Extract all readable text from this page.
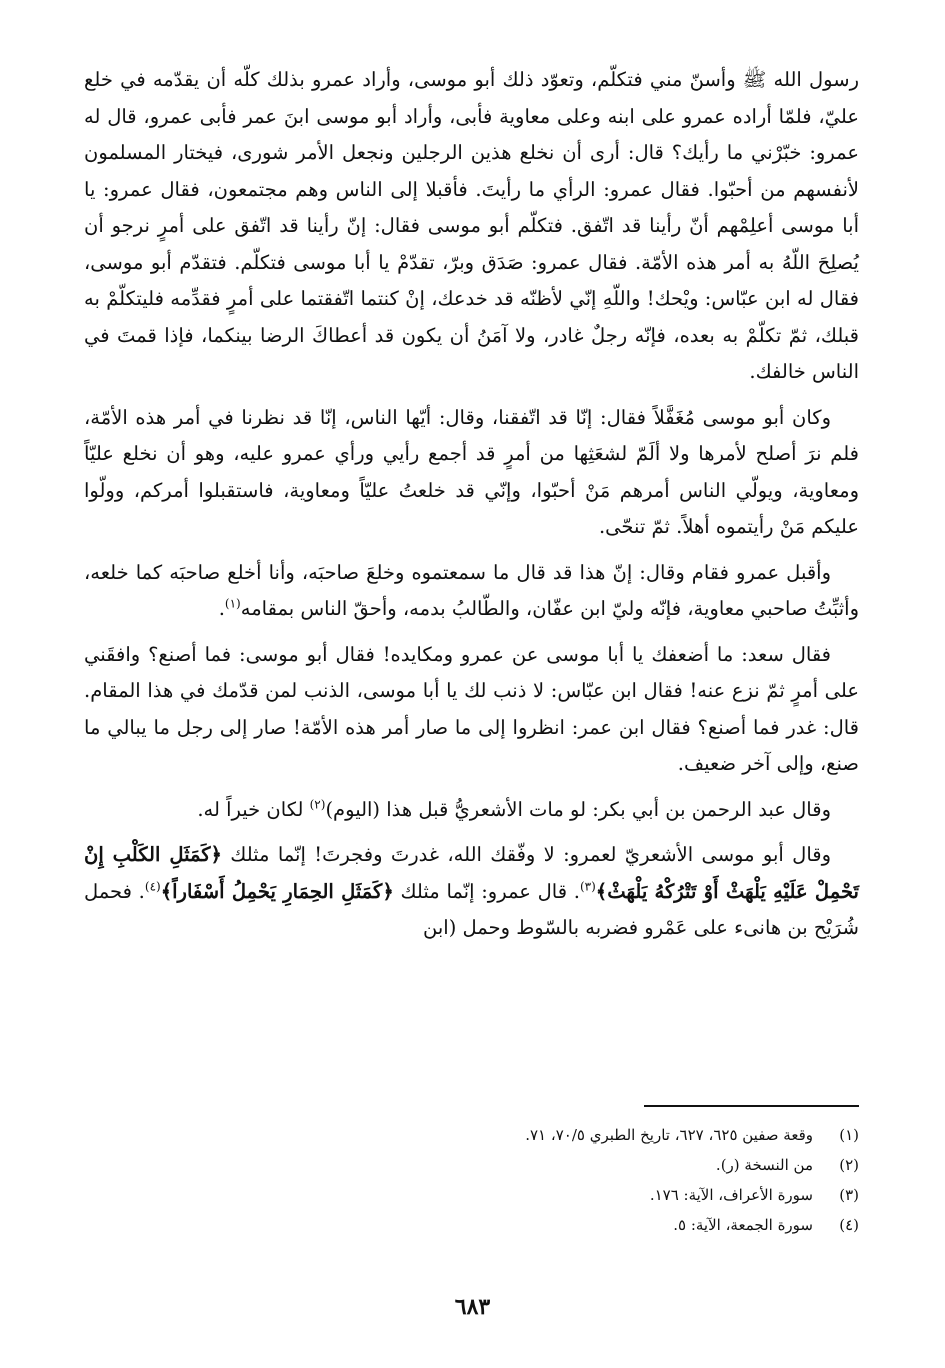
رسول الله ﷺ وأسنّ مني فتكلّم، وتعوّد ذلك أبو موسى، وأراد عمرو بذلك كلّه أن يقدّمه في خلع عليّ، فلمّا أراده عمرو على ابنه وعلى معاوية فأبى، وأراد أبو موسى ابنَ عمر فأبى عمرو، قال له عمرو: خبّرْني ما رأيك؟ قال: أرى أن نخلع هذين الرجلين ونجعل الأمر شورى، فيختار المسلمون لأنفسهم من أحبّوا. فقال عمرو: الرأي ما رأيتَ. فأقبلا إلى الناس وهم مجتمعون، فقال عمرو: يا أبا موسى أعلِمْهم أنّ رأينا قد اتّفق. فتكلّم أبو موسى فقال: إنّ رأينا قد اتّفق على أمرٍ نرجو أن يُصلِحَ اللّهُ به أمر هذه الأمّة. فقال عمرو: صَدَق وبرّ، تقدّمْ يا أبا موسى فتكلّم. فتقدّم أبو موسى، فقال له ابن عبّاس: ويْحك! واللّهِ إنّي لأظنّه قد خدعك، إنْ كنتما اتّفقتما على أمرٍ فقدِّمه فليتكلّمْ به قبلك، ثمّ تكلّمْ به بعده، فإنّه رجلٌ غادر، ولا آمَنُ أن يكون قد أعطاكَ الرضا بينكما، فإذا قمتَ في الناس خالفك.

وكان أبو موسى مُغَفَّلاً فقال: إنّا قد اتّفقنا، وقال: أيّها الناس، إنّا قد نظرنا في أمر هذه الأمّة، فلم نرَ أصلح لأمرها ولا ألَمّ لشعَثِها من أمرٍ قد أجمع رأيي ورأي عمرو عليه، وهو أن نخلع عليّاً ومعاوية، ويولّي الناس أمرهم مَنْ أحبّوا، وإنّي قد خلعتُ عليّاً ومعاوية، فاستقبلوا أمركم، وولّوا عليكم مَنْ رأيتموه أهلاً. ثمّ تنحّى.

وأقبل عمرو فقام وقال: إنّ هذا قد قال ما سمعتموه وخلعَ صاحبَه، وأنا أخلع صاحبَه كما خلعه، وأثبِّتُ صاحبي معاوية، فإنّه وليّ ابن عفّان، والطّالبُ بدمه، وأحقّ الناس بمقامه$^{(١)}$.

فقال سعد: ما أضعفك يا أبا موسى عن عمرو ومكايده! فقال أبو موسى: فما أصنع؟ وافقَني على أمرٍ ثمّ نزع عنه! فقال ابن عبّاس: لا ذنب لك يا أبا موسى، الذنب لمن قدّمك في هذا المقام. قال: غدر فما أصنع؟ فقال ابن عمر: انظروا إلى ما صار أمر هذه الأمّة! صار إلى رجل ما يبالي ما صنع، وإلى آخر ضعيف.

وقال عبد الرحمن بن أبي بكر: لو مات الأشعريُّ قبل هذا (اليوم)$^{(٢)}$ لكان خيراً له.

وقال أبو موسى الأشعريّ لعمرو: لا وفّقك الله، غدرتَ وفجرتَ! إنّما مثلك ﴿كَمَثَلِ الكَلْبِ إِنْ تَحْمِلْ عَلَيْهِ يَلْهَثْ أَوْ تَتْرُكْهُ يَلْهَثْ﴾$^{(٣)}$. قال عمرو: إنّما مثلك ﴿كَمَثَلِ الحِمَارِ يَحْمِلُ أَسْفَاراً﴾$^{(٤)}$. فحمل شُرَيْح بن هانىء على عَمْرو فضربه بالسّوط وحمل (ابن

(١)
وقعة صفين ٦٢٥، ٦٢٧، تاريخ الطبري ٧٠/٥، ٧١.
(٢)
من النسخة (ر).
(٣)
سورة الأعراف، الآية: ١٧٦.
(٤)
سورة الجمعة، الآية: ٥.
٦٨٣
